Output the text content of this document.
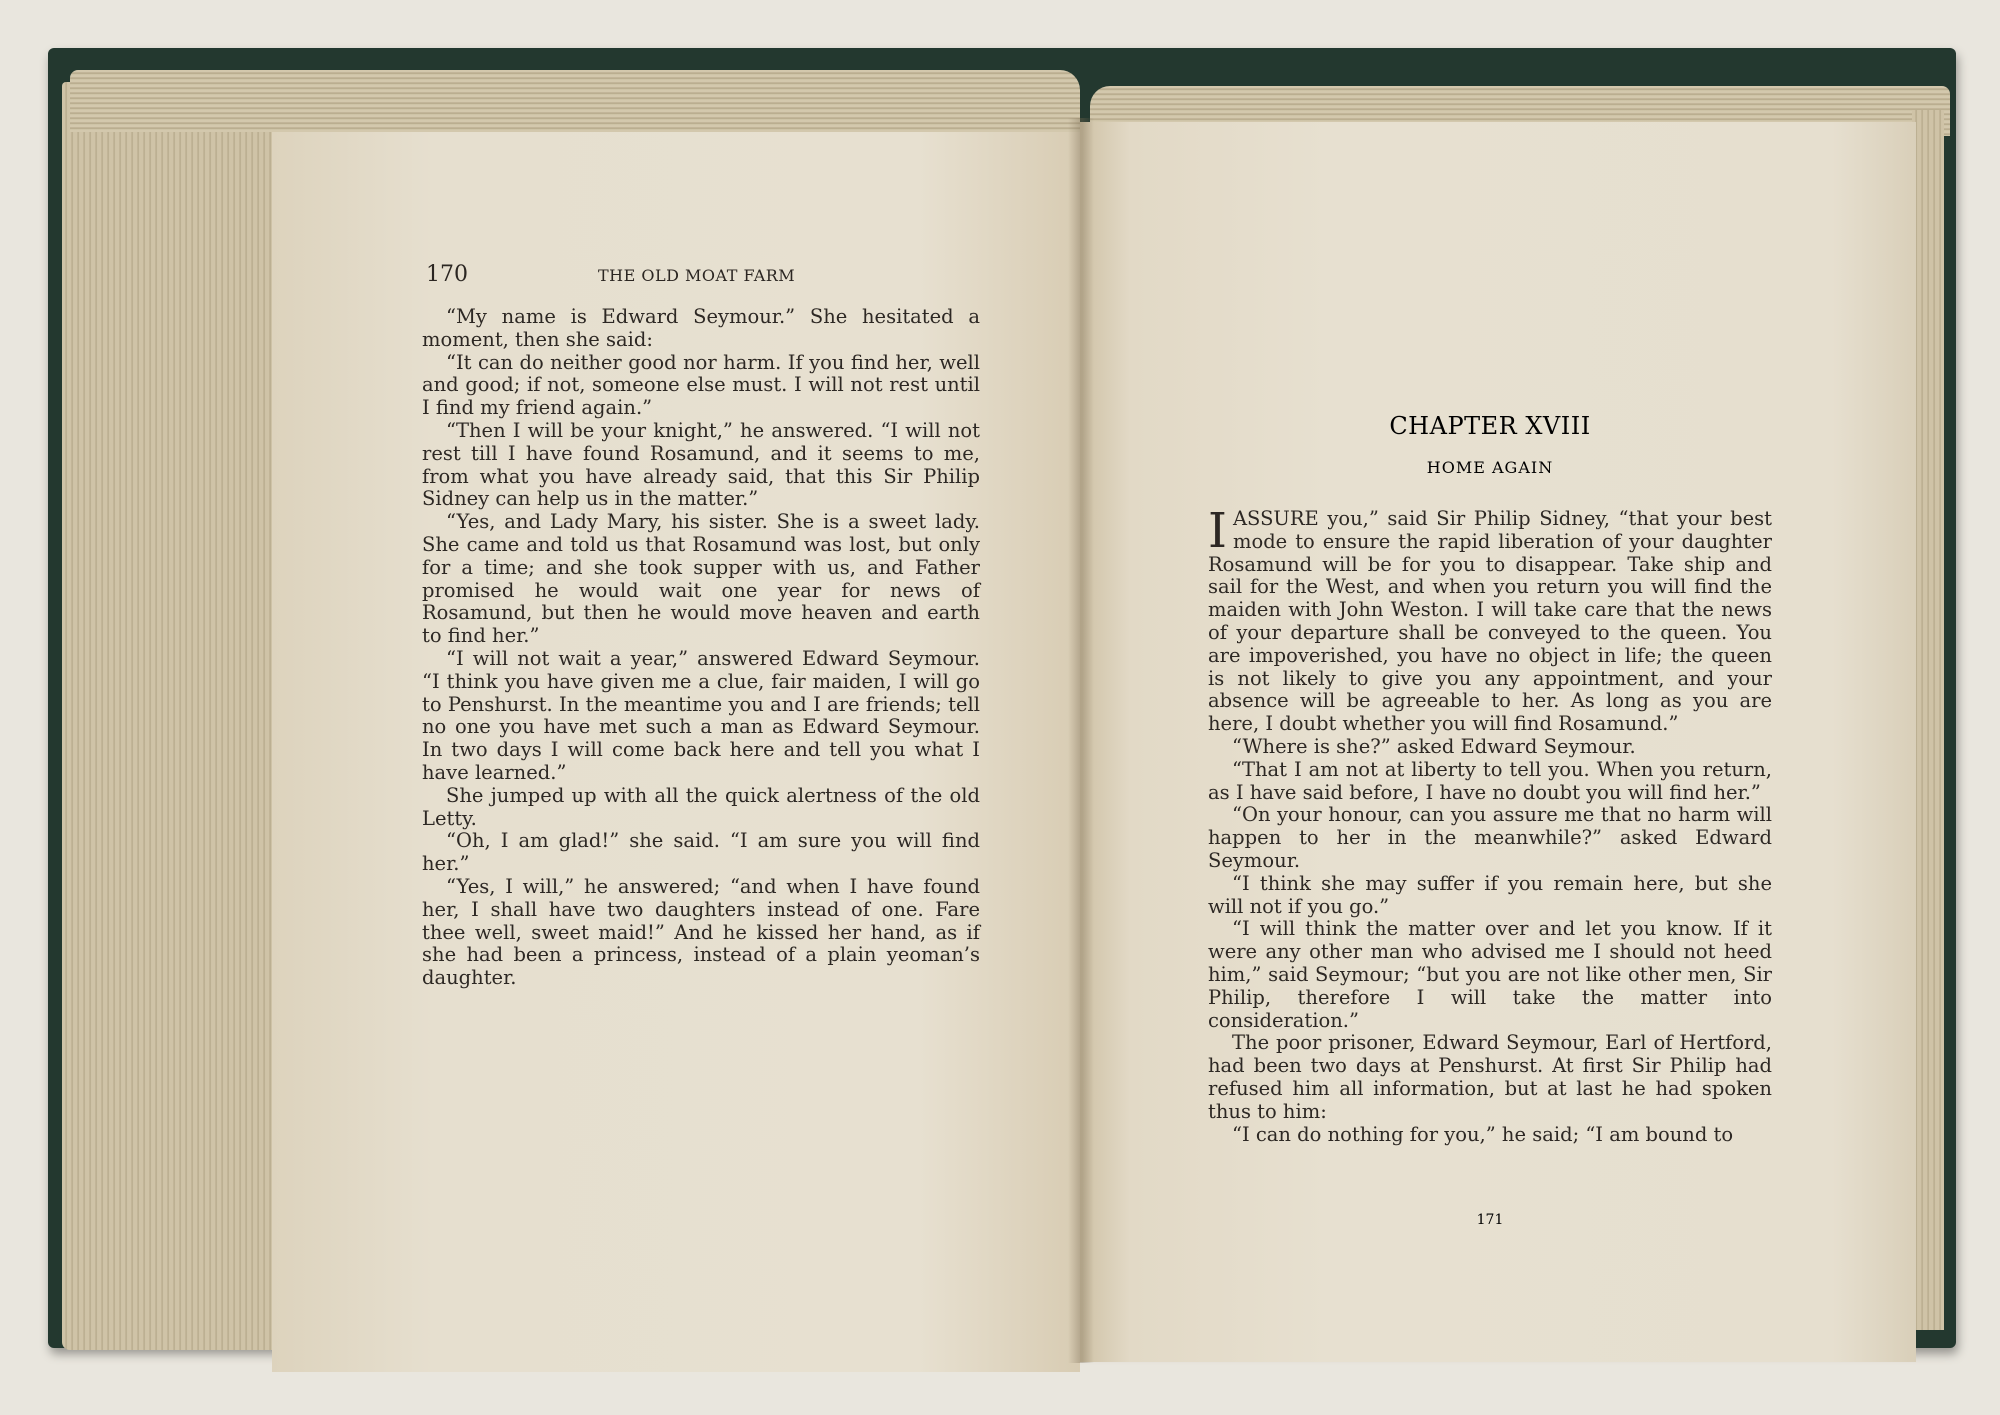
170	THE OLD MOAT FARM

“My name is Edward Seymour.” She hesitated a moment, then she said:

“It can do neither good nor harm. If you find her, well and good; if not, someone else must. I will not rest until I find my friend again.”

“Then I will be your knight,” he answered. “I will not rest till I have found Rosamund, and it seems to me, from what you have already said, that this Sir Philip Sidney can help us in the matter.”

“Yes, and Lady Mary, his sister. She is a sweet lady. She came and told us that Rosamund was lost, but only for a time; and she took supper with us, and Father promised he would wait one year for news of Rosamund, but then he would move heaven and earth to find her.”

“I will not wait a year,” answered Edward Seymour. “I think you have given me a clue, fair maiden, I will go to Penshurst. In the meantime you and I are friends; tell no one you have met such a man as Edward Seymour. In two days I will come back here and tell you what I have learned.”

She jumped up with all the quick alertness of the old Letty.

“Oh, I am glad!” she said. “I am sure you will find her.”

“Yes, I will,” he answered; “and when I have found her, I shall have two daughters instead of one. Fare thee well, sweet maid!” And he kissed her hand, as if she had been a princess, instead of a plain yeoman’s daughter.

CHAPTER XVIII
HOME AGAIN

IASSURE you,” said Sir Philip Sidney, “that your best mode to ensure the rapid liberation of your daughter Rosamund will be for you to disappear. Take ship and sail for the West, and when you return you will find the maiden with John Weston. I will take care that the news of your departure shall be conveyed to the queen. You are impoverished, you have no object in life; the queen is not likely to give you any appointment, and your absence will be agreeable to her. As long as you are here, I doubt whether you will find Rosamund.”

“Where is she?” asked Edward Seymour.

“That I am not at liberty to tell you. When you return, as I have said before, I have no doubt you will find her.”

“On your honour, can you assure me that no harm will happen to her in the meanwhile?” asked Edward Seymour.

“I think she may suffer if you remain here, but she will not if you go.”

“I will think the matter over and let you know. If it were any other man who advised me I should not heed him,” said Seymour; “but you are not like other men, Sir Philip, therefore I will take the matter into consideration.”

The poor prisoner, Edward Seymour, Earl of Hertford, had been two days at Penshurst. At first Sir Philip had refused him all information, but at last he had spoken thus to him:

“I can do nothing for you,” he said; “I am bound to

171
